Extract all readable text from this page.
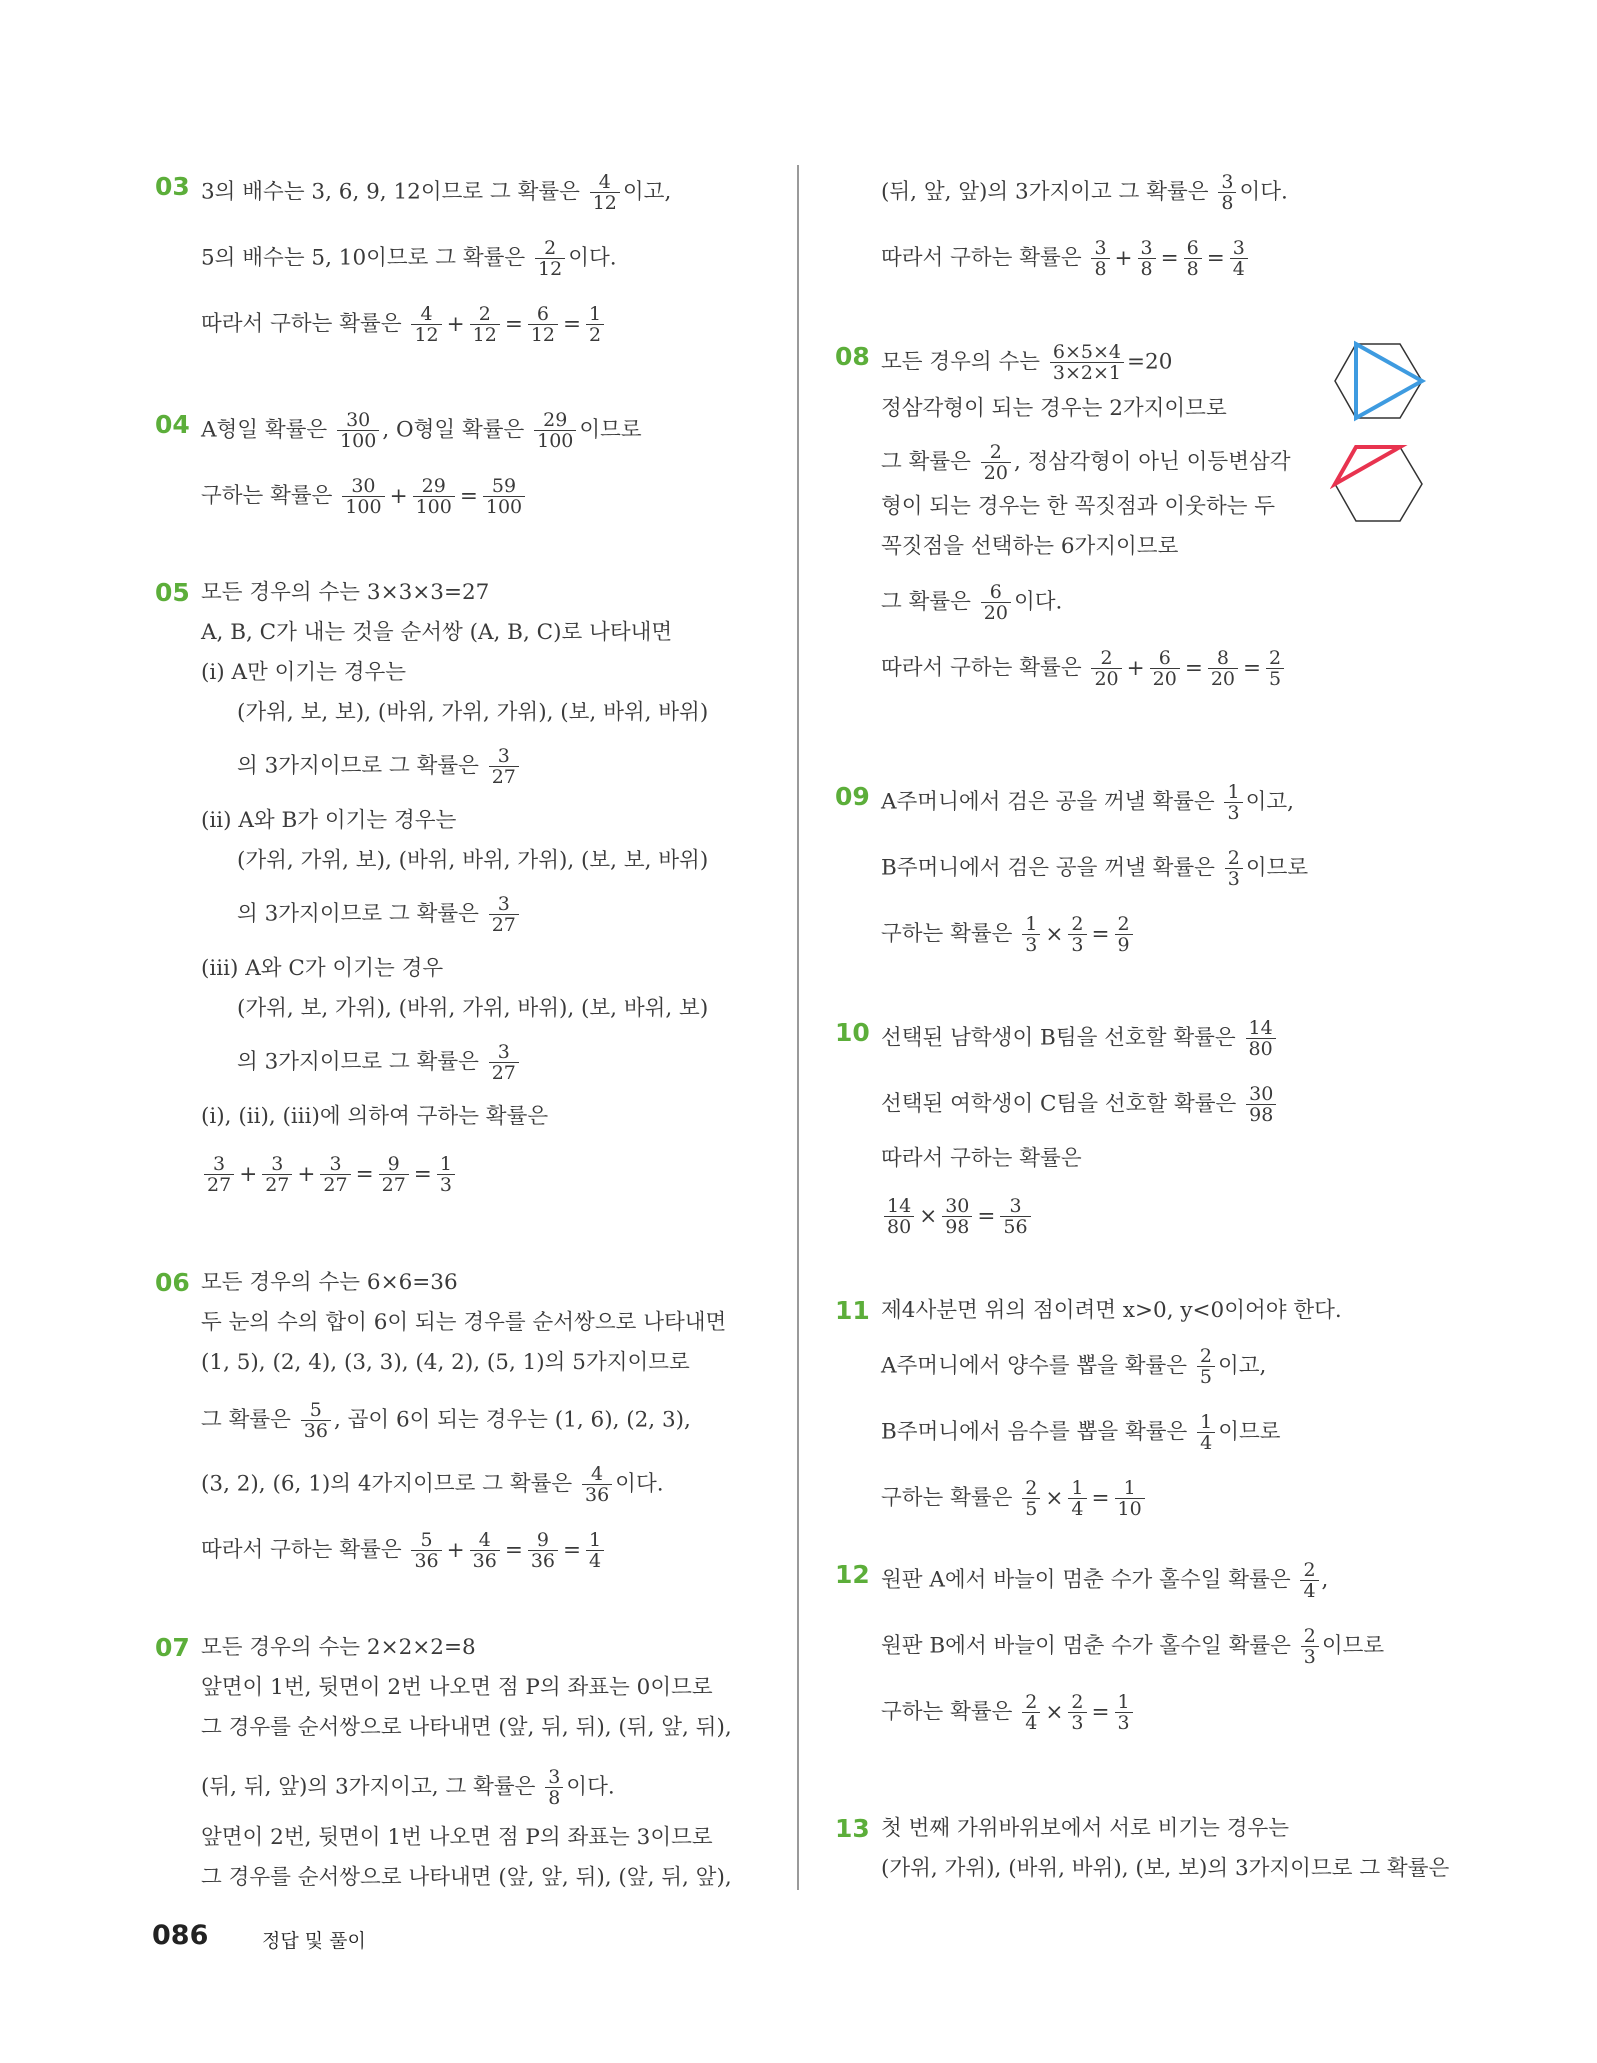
03 3의 배수는 3, 6, 9, 12이므로 그 확률은 $\frac{4}{12}$ 이고,
5의 배수는 5, 10이므로 그 확률은 $\frac{2}{12}$ 이다.
따라서 구하는 확률은 $\frac{4}{12} + \frac{2}{12} = \frac{6}{12} = \frac{1}{2}$
04 A형일 확률은 $\frac{30}{100}$ , O형일 확률은 $\frac{29}{100}$ 이므로
구하는 확률은 $\frac{30}{100} + \frac{29}{100} = \frac{59}{100}$
05 모든 경우의 수는 3×3×3=27
A, B, C가 내는 것을 순서쌍 (A, B, C)로 나타내면
(ⅰ) A만 이기는 경우는
(가위, 보, 보), (바위, 가위, 가위), (보, 바위, 바위)
의 3가지이므로 그 확률은 $\frac{3}{27}$
(ⅱ) A와 B가 이기는 경우는
(가위, 가위, 보), (바위, 바위, 가위), (보, 보, 바위)
의 3가지이므로 그 확률은 $\frac{3}{27}$
(ⅲ) A와 C가 이기는 경우
(가위, 보, 가위), (바위, 가위, 바위), (보, 바위, 보)
의 3가지이므로 그 확률은 $\frac{3}{27}$
(ⅰ), (ⅱ), (ⅲ)에 의하여 구하는 확률은
$\frac{3}{27} + \frac{3}{27} + \frac{3}{27} = \frac{9}{27} = \frac{1}{3}$
06 모든 경우의 수는 6×6=36
두 눈의 수의 합이 6이 되는 경우를 순서쌍으로 나타내면
(1, 5), (2, 4), (3, 3), (4, 2), (5, 1)의 5가지이므로
그 확률은 $\frac{5}{36}$ , 곱이 6이 되는 경우는 (1, 6), (2, 3),
(3, 2), (6, 1)의 4가지이므로 그 확률은 $\frac{4}{36}$ 이다.
따라서 구하는 확률은 $\frac{5}{36} + \frac{4}{36} = \frac{9}{36} = \frac{1}{4}$
07 모든 경우의 수는 2×2×2=8
앞면이 1번, 뒷면이 2번 나오면 점 P의 좌표는 0이므로
그 경우를 순서쌍으로 나타내면 (앞, 뒤, 뒤), (뒤, 앞, 뒤),
(뒤, 뒤, 앞)의 3가지이고, 그 확률은 $\frac{3}{8}$ 이다.
앞면이 2번, 뒷면이 1번 나오면 점 P의 좌표는 3이므로
그 경우를 순서쌍으로 나타내면 (앞, 앞, 뒤), (앞, 뒤, 앞),
(뒤, 앞, 앞)의 3가지이고 그 확률은 $\frac{3}{8}$ 이다.
따라서 구하는 확률은 $\frac{3}{8} + \frac{3}{8} = \frac{6}{8} = \frac{3}{4}$
08 모든 경우의 수는 $\frac{6\times 5\times 4}{3\times 2\times 1} =20$
정삼각형이 되는 경우는 2가지이므로
그 확률은 $\frac{2}{20}$ , 정삼각형이 아닌 이등변삼각
형이 되는 경우는 한 꼭짓점과 이웃하는 두
꼭짓점을 선택하는 6가지이므로
그 확률은 $\frac{6}{20}$ 이다.
따라서 구하는 확률은 $\frac{2}{20} + \frac{6}{20} = \frac{8}{20} = \frac{2}{5}$
09 A주머니에서 검은 공을 꺼낼 확률은 $\frac{1}{3}$ 이고,
B주머니에서 검은 공을 꺼낼 확률은 $\frac{2}{3}$ 이므로
구하는 확률은 $\frac{1}{3} \times \frac{2}{3} = \frac{2}{9}$
10 선택된 남학생이 B팀을 선호할 확률은 $\frac{14}{80}$
선택된 여학생이 C팀을 선호할 확률은 $\frac{30}{98}$
따라서 구하는 확률은
$\frac{14}{80} \times \frac{30}{98} = \frac{3}{56}$
11 제4사분면 위의 점이려면 x>0, y<0이어야 한다.
A주머니에서 양수를 뽑을 확률은 $\frac{2}{5}$ 이고,
B주머니에서 음수를 뽑을 확률은 $\frac{1}{4}$ 이므로
구하는 확률은 $\frac{2}{5} \times \frac{1}{4} = \frac{1}{10}$
12 원판 A에서 바늘이 멈춘 수가 홀수일 확률은 $\frac{2}{4}$ ,
원판 B에서 바늘이 멈춘 수가 홀수일 확률은 $\frac{2}{3}$ 이므로
구하는 확률은 $\frac{2}{4} \times \frac{2}{3} = \frac{1}{3}$
13 첫 번째 가위바위보에서 서로 비기는 경우는
(가위, 가위), (바위, 바위), (보, 보)의 3가지이므로 그 확률은
086	정답 및 풀이
